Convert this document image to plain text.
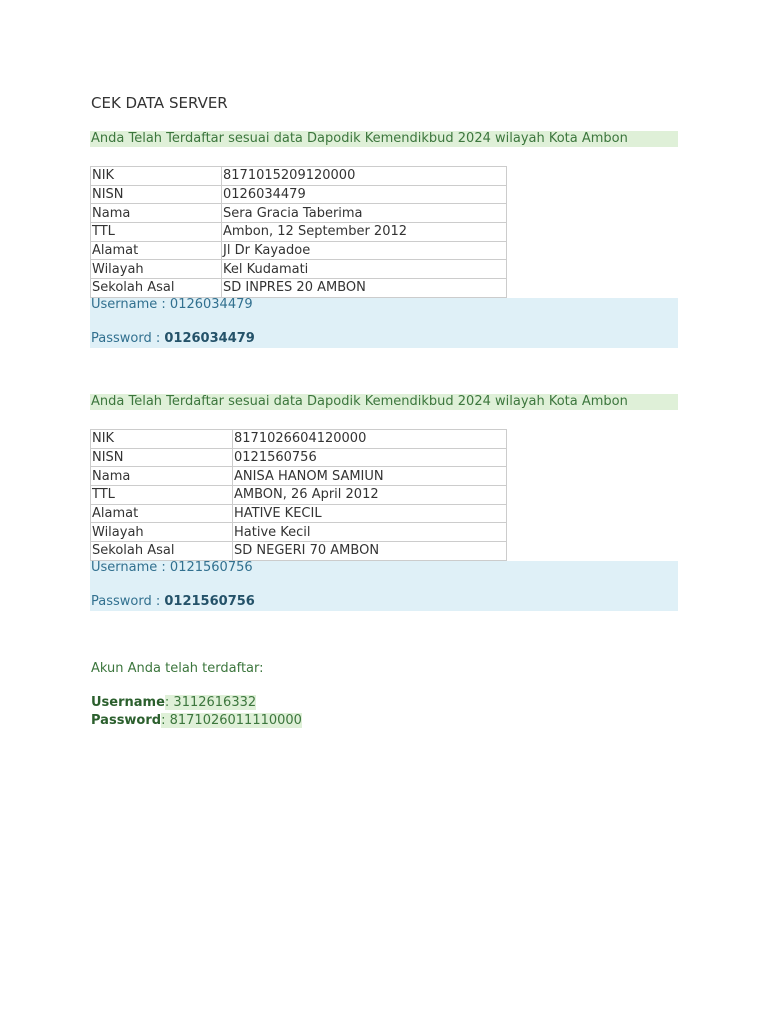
CEK DATA SERVER
Anda Telah Terdaftar sesuai data Dapodik Kemendikbud 2024 wilayah Kota Ambon
NIK	8171015209120000
NISN	0126034479
Nama	Sera Gracia Taberima
TTL	Ambon, 12 September 2012
Alamat	Jl Dr Kayadoe
Wilayah	Kel Kudamati
Sekolah Asal	SD INPRES 20 AMBON
Username : 0126034479
Password : 0126034479
Anda Telah Terdaftar sesuai data Dapodik Kemendikbud 2024 wilayah Kota Ambon
NIK	8171026604120000
NISN	0121560756
Nama	ANISA HANOM SAMIUN
TTL	AMBON, 26 April 2012
Alamat	HATIVE KECIL
Wilayah	Hative Kecil
Sekolah Asal	SD NEGERI 70 AMBON
Username : 0121560756
Password : 0121560756
Akun Anda telah terdaftar:
Username: 3112616332
Password: 8171026011110000
